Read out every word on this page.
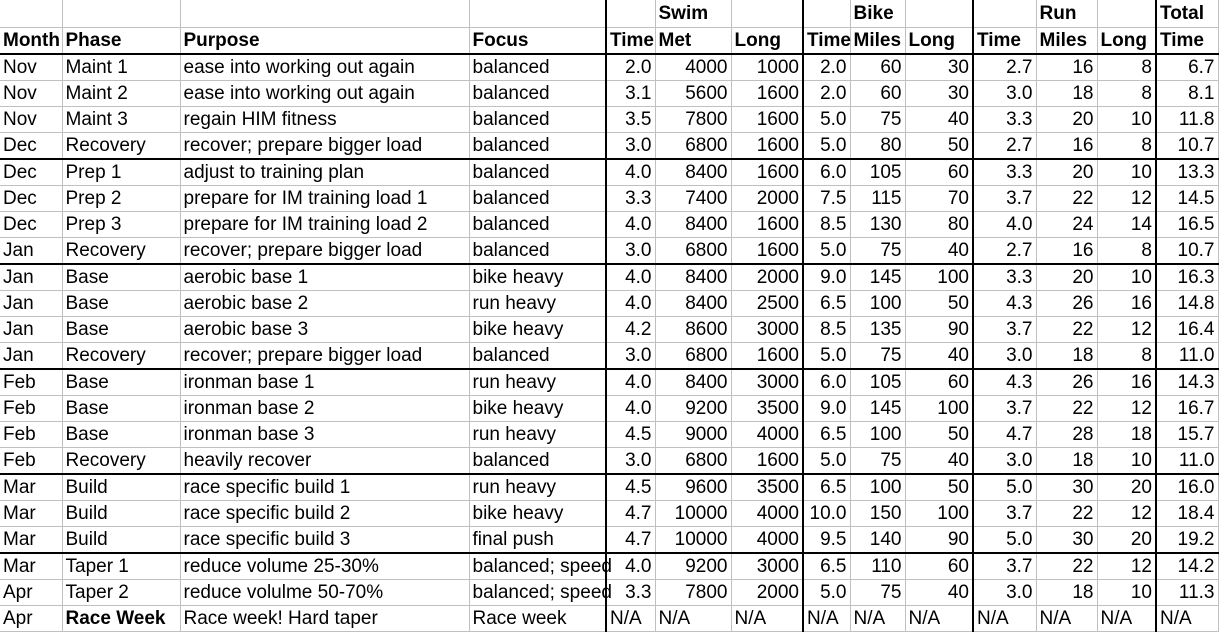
					Swim			Bike			Run		Total
Month	Phase	Purpose	Focus	Time	Met	Long	Time	Miles	Long	Time	Miles	Long	Time
Nov	Maint 1	ease into working out again	balanced	2.0	4000	1000	2.0	60	30	2.7	16	8	6.7
Nov	Maint 2	ease into working out again	balanced	3.1	5600	1600	2.0	60	30	3.0	18	8	8.1
Nov	Maint 3	regain HIM fitness	balanced	3.5	7800	1600	5.0	75	40	3.3	20	10	11.8
Dec	Recovery	recover; prepare bigger load	balanced	3.0	6800	1600	5.0	80	50	2.7	16	8	10.7
Dec	Prep 1	adjust to training plan	balanced	4.0	8400	1600	6.0	105	60	3.3	20	10	13.3
Dec	Prep 2	prepare for IM training load 1	balanced	3.3	7400	2000	7.5	115	70	3.7	22	12	14.5
Dec	Prep 3	prepare for IM training load 2	balanced	4.0	8400	1600	8.5	130	80	4.0	24	14	16.5
Jan	Recovery	recover; prepare bigger load	balanced	3.0	6800	1600	5.0	75	40	2.7	16	8	10.7
Jan	Base	aerobic base 1	bike heavy	4.0	8400	2000	9.0	145	100	3.3	20	10	16.3
Jan	Base	aerobic base 2	run heavy	4.0	8400	2500	6.5	100	50	4.3	26	16	14.8
Jan	Base	aerobic base 3	bike heavy	4.2	8600	3000	8.5	135	90	3.7	22	12	16.4
Jan	Recovery	recover; prepare bigger load	balanced	3.0	6800	1600	5.0	75	40	3.0	18	8	11.0
Feb	Base	ironman base 1	run heavy	4.0	8400	3000	6.0	105	60	4.3	26	16	14.3
Feb	Base	ironman base 2	bike heavy	4.0	9200	3500	9.0	145	100	3.7	22	12	16.7
Feb	Base	ironman base 3	run heavy	4.5	9000	4000	6.5	100	50	4.7	28	18	15.7
Feb	Recovery	heavily recover	balanced	3.0	6800	1600	5.0	75	40	3.0	18	10	11.0
Mar	Build	race specific build 1	run heavy	4.5	9600	3500	6.5	100	50	5.0	30	20	16.0
Mar	Build	race specific build 2	bike heavy	4.7	10000	4000	10.0	150	100	3.7	22	12	18.4
Mar	Build	race specific build 3	final push	4.7	10000	4000	9.5	140	90	5.0	30	20	19.2
Mar	Taper 1	reduce volume 25-30%	balanced; speed	4.0	9200	3000	6.5	110	60	3.7	22	12	14.2
Apr	Taper 2	reduce volulme 50-70%	balanced; speed	3.3	7800	2000	5.0	75	40	3.0	18	10	11.3
Apr	Race Week	Race week! Hard taper	Race week	N/A	N/A	N/A	N/A	N/A	N/A	N/A	N/A	N/A	N/A
